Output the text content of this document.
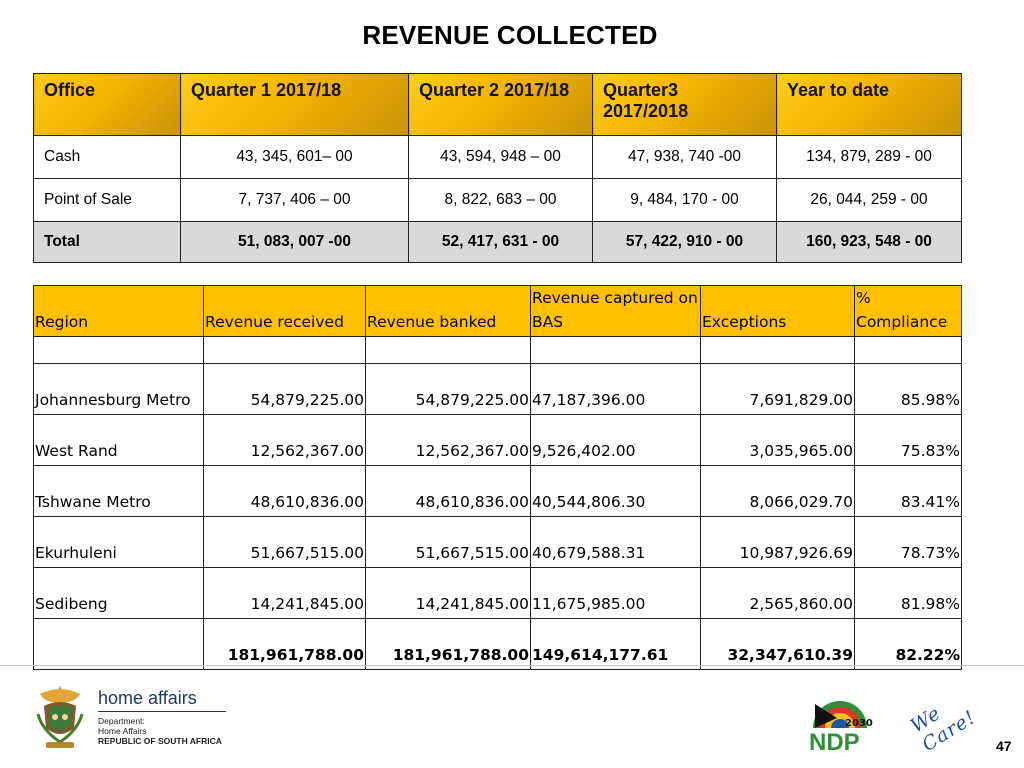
REVENUE COLLECTED
Office	Quarter 1 2017/18	Quarter 2 2017/18	Quarter3 2017/2018	Year to date
Cash	43, 345, 601– 00	43, 594, 948 – 00	47, 938, 740 -00	134, 879, 289 - 00
Point of Sale	7, 737, 406 – 00	8, 822, 683 – 00	9, 484, 170 - 00	26, 044, 259 - 00
Total	51, 083, 007 -00	52, 417, 631 - 00	57, 422, 910 - 00	160, 923, 548 - 00
Region	Revenue received	Revenue banked	Revenue captured on BAS	Exceptions	% Compliance

Johannesburg Metro	54,879,225.00	54,879,225.00	47,187,396.00	7,691,829.00	85.98%
West Rand	12,562,367.00	12,562,367.00	9,526,402.00	3,035,965.00	75.83%
Tshwane Metro	48,610,836.00	48,610,836.00	40,544,806.30	8,066,029.70	83.41%
Ekurhuleni	51,667,515.00	51,667,515.00	40,679,588.31	10,987,926.69	78.73%
Sedibeng	14,241,845.00	14,241,845.00	11,675,985.00	2,565,860.00	81.98%
	181,961,788.00	181,961,788.00	149,614,177.61	32,347,610.39	82.22%
home affairs
Department:
Home Affairs
REPUBLIC OF SOUTH AFRICA
2030
NDP
We Care!	47
